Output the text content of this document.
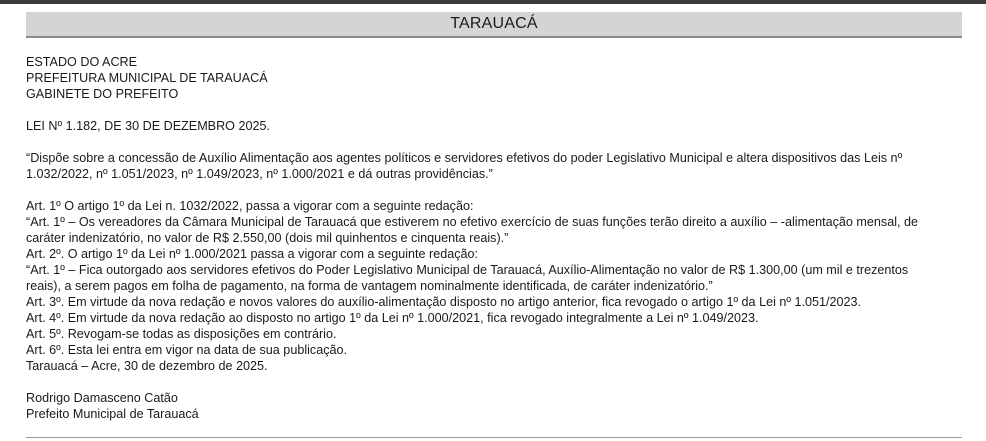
TARAUACÁ
ESTADO DO ACRE
PREFEITURA MUNICIPAL DE TARAUACÁ
GABINETE DO PREFEITO
LEI Nº 1.182, DE 30 DE DEZEMBRO 2025.
“Dispõe sobre a concessão de Auxílio Alimentação aos agentes políticos e servidores efetivos do poder Legislativo Municipal e altera dispositivos das Leis nº
1.032/2022, nº 1.051/2023, nº 1.049/2023, nº 1.000/2021 e dá outras providências.”
Art. 1º O artigo 1º da Lei n. 1032/2022, passa a vigorar com a seguinte redação:
“Art. 1º – Os vereadores da Câmara Municipal de Tarauacá que estiverem no efetivo exercício de suas funções terão direito a auxílio – -alimentação mensal, de
caráter indenizatório, no valor de R$ 2.550,00 (dois mil quinhentos e cinquenta reais).”
Art. 2º. O artigo 1º da Lei nº 1.000/2021 passa a vigorar com a seguinte redação:
“Art. 1º – Fica outorgado aos servidores efetivos do Poder Legislativo Municipal de Tarauacá, Auxílio-Alimentação no valor de R$ 1.300,00 (um mil e trezentos
reais), a serem pagos em folha de pagamento, na forma de vantagem nominalmente identificada, de caráter indenizatório.”
Art. 3º. Em virtude da nova redação e novos valores do auxílio-alimentação disposto no artigo anterior, fica revogado o artigo 1º da Lei nº 1.051/2023.
Art. 4º. Em virtude da nova redação ao disposto no artigo 1º da Lei nº 1.000/2021, fica revogado integralmente a Lei nº 1.049/2023.
Art. 5º. Revogam-se todas as disposições em contrário.
Art. 6º. Esta lei entra em vigor na data de sua publicação.
Tarauacá – Acre, 30 de dezembro de 2025.
Rodrigo Damasceno Catão
Prefeito Municipal de Tarauacá
